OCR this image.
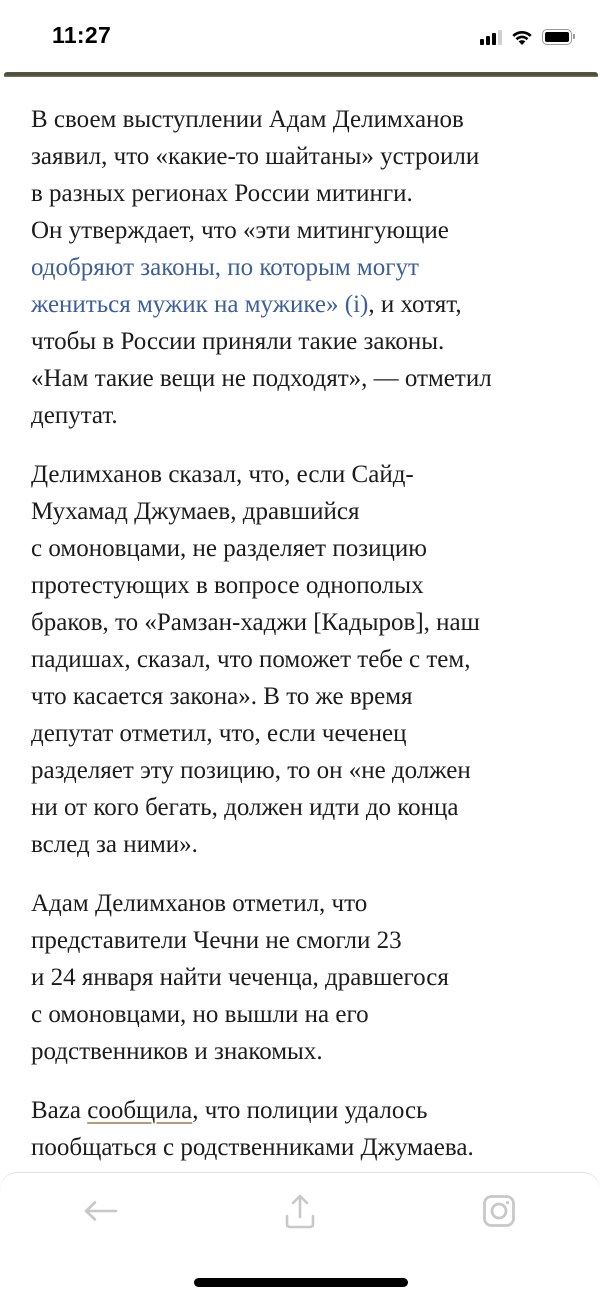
11:27

В своем выступлении Адам Делимханов
заявил, что «какие-то шайтаны» устроили
в разных регионах России митинги.
Он утверждает, что «эти митингующие
одобряют законы, по которым могут
жениться мужик на мужике» (i), и хотят,
чтобы в России приняли такие законы.
«Нам такие вещи не подходят», — отметил
депутат.

Делимханов сказал, что, если Сайд-
Мухамад Джумаев, дравшийся
с омоновцами, не разделяет позицию
протестующих в вопросе однополых
браков, то «Рамзан-хаджи [Кадыров], наш
падишах, сказал, что поможет тебе с тем,
что касается закона». В то же время
депутат отметил, что, если чеченец
разделяет эту позицию, то он «не должен
ни от кого бегать, должен идти до конца
вслед за ними».

Адам Делимханов отметил, что
представители Чечни не смогли 23
и 24 января найти чеченца, дравшегося
с омоновцами, но вышли на его
родственников и знакомых.

Baza сообщила, что полиции удалось
пообщаться с родственниками Джумаева.
